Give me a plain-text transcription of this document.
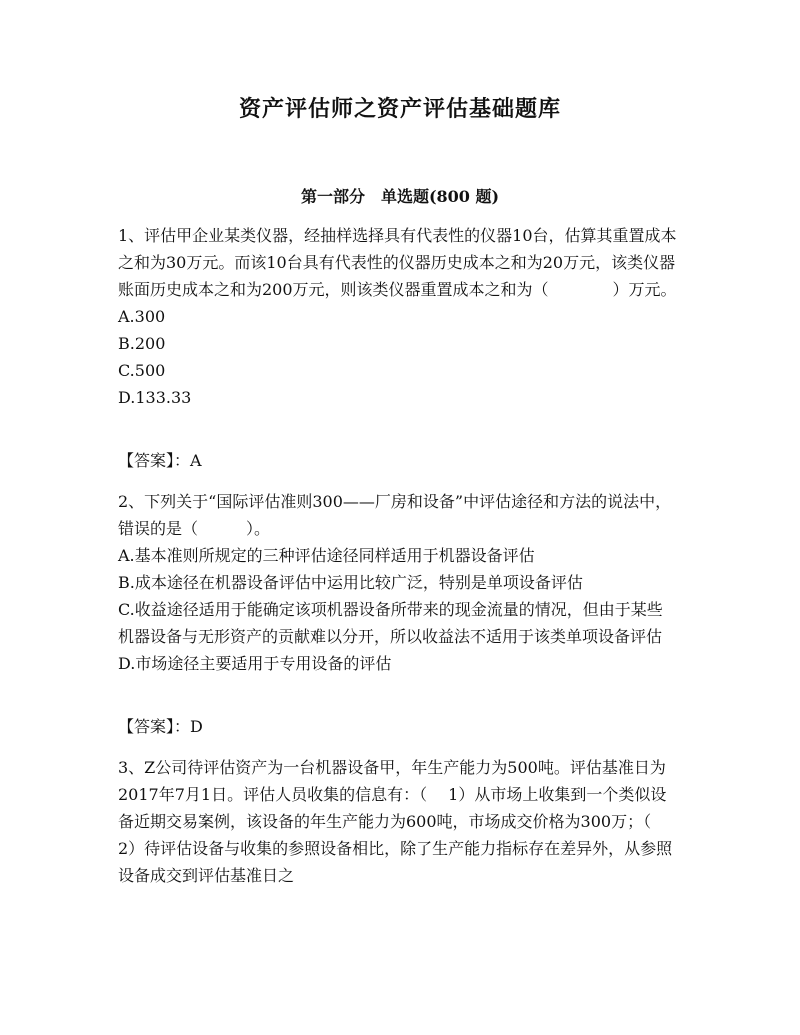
资产评估师之资产评估基础题库
第一部分　单选题(800 题)

1、评估甲企业某类仪器，经抽样选择具有代表性的仪器10台，估算其重置成本之和为30万元。而该10台具有代表性的仪器历史成本之和为20万元，该类仪器账面历史成本之和为200万元，则该类仪器重置成本之和为（　　　　）万元。

A.300

B.200

C.500

D.133.33

【答案】：A

2、下列关于“国际评估准则300——厂房和设备”中评估途径和方法的说法中，错误的是（　　　）。

A.基本准则所规定的三种评估途径同样适用于机器设备评估

B.成本途径在机器设备评估中运用比较广泛，特别是单项设备评估

C.收益途径适用于能确定该项机器设备所带来的现金流量的情况，但由于某些机器设备与无形资产的贡献难以分开，所以收益法不适用于该类单项设备评估

D.市场途径主要适用于专用设备的评估

【答案】：D

3、Z公司待评估资产为一台机器设备甲，年生产能力为500吨。评估基准日为2017年7月1日。评估人员收集的信息有：（　 1）从市场上收集到一个类似设备近期交易案例，该设备的年生产能力为600吨，市场成交价格为300万；（　 2）待评估设备与收集的参照设备相比，除了生产能力指标存在差异外，从参照设备成交到评估基准日之
